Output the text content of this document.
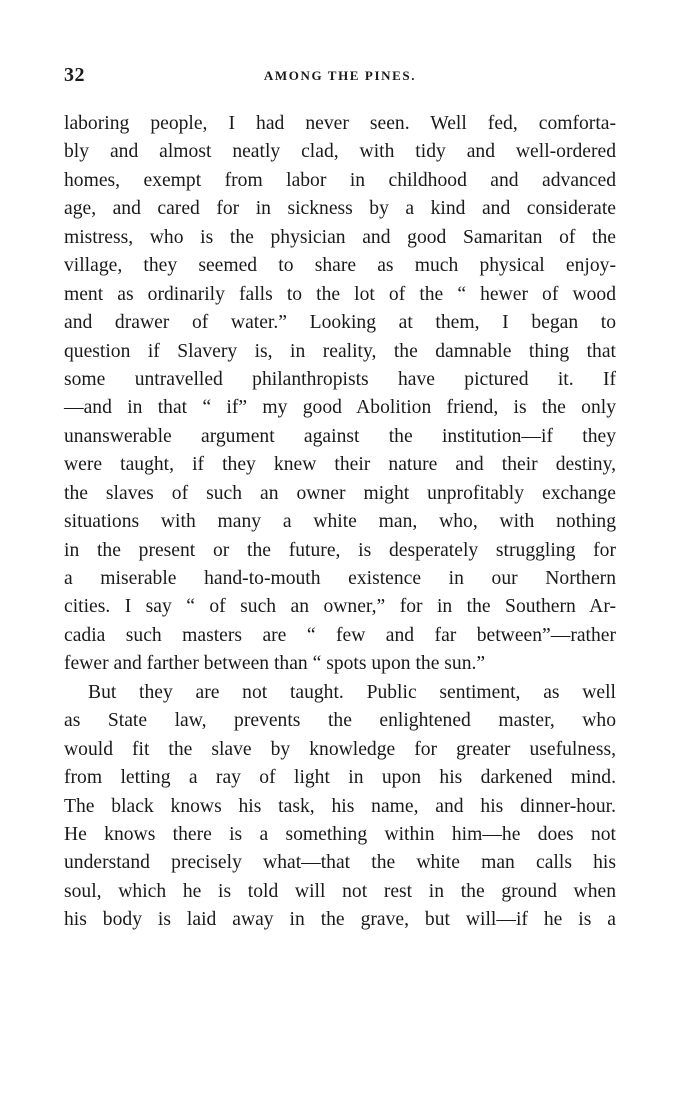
32	AMONG THE PINES.
laboring people, I had never seen. Well fed, comforta-
bly and almost neatly clad, with tidy and well-ordered
homes, exempt from labor in childhood and advanced
age, and cared for in sickness by a kind and considerate
mistress, who is the physician and good Samaritan of the
village, they seemed to share as much physical enjoy-
ment as ordinarily falls to the lot of the “ hewer of wood
and drawer of water.” Looking at them, I began to
question if Slavery is, in reality, the damnable thing that
some untravelled philanthropists have pictured it. If
—and in that “ if” my good Abolition friend, is the only
unanswerable argument against the institution—if they
were taught, if they knew their nature and their destiny,
the slaves of such an owner might unprofitably exchange
situations with many a white man, who, with nothing
in the present or the future, is desperately struggling for
a miserable hand-to-mouth existence in our Northern
cities. I say “ of such an owner,” for in the Southern Ar-
cadia such masters are “ few and far between”—rather
fewer and farther between than “ spots upon the sun.”
But they are not taught. Public sentiment, as well
as State law, prevents the enlightened master, who
would fit the slave by knowledge for greater usefulness,
from letting a ray of light in upon his darkened mind.
The black knows his task, his name, and his dinner-hour.
He knows there is a something within him—he does not
understand precisely what—that the white man calls his
soul, which he is told will not rest in the ground when
his body is laid away in the grave, but will—if he is a
